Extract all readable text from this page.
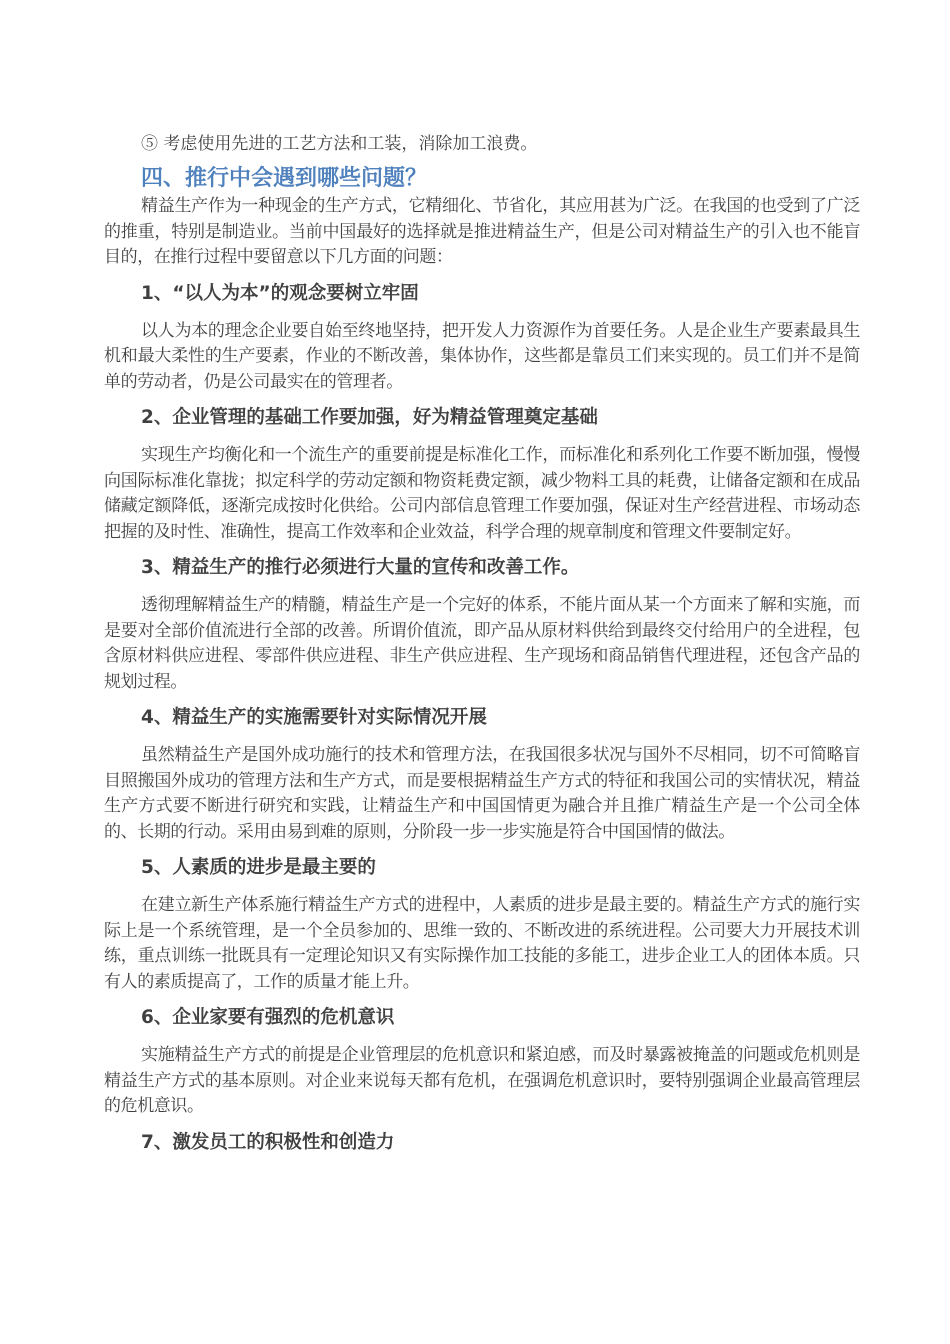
⑤ 考虑使用先进的工艺方法和工装，消除加工浪费。

四、推行中会遇到哪些问题？

精益生产作为一种现金的生产方式，它精细化、节省化，其应用甚为广泛。在我国的也受到了广泛的推重，特别是制造业。当前中国最好的选择就是推进精益生产，但是公司对精益生产的引入也不能盲目的，在推行过程中要留意以下几方面的问题：

1、“以人为本”的观念要树立牢固

以人为本的理念企业要自始至终地坚持，把开发人力资源作为首要任务。人是企业生产要素最具生机和最大柔性的生产要素，作业的不断改善，集体协作，这些都是靠员工们来实现的。员工们并不是简单的劳动者，仍是公司最实在的管理者。

2、企业管理的基础工作要加强，好为精益管理奠定基础

实现生产均衡化和一个流生产的重要前提是标准化工作，而标准化和系列化工作要不断加强，慢慢向国际标准化靠拢；拟定科学的劳动定额和物资耗费定额，减少物料工具的耗费，让储备定额和在成品储藏定额降低，逐渐完成按时化供给。公司内部信息管理工作要加强，保证对生产经营进程、市场动态把握的及时性、准确性，提高工作效率和企业效益，科学合理的规章制度和管理文件要制定好。

3、精益生产的推行必须进行大量的宣传和改善工作。

透彻理解精益生产的精髓，精益生产是一个完好的体系，不能片面从某一个方面来了解和实施，而是要对全部价值流进行全部的改善。所谓价值流，即产品从原材料供给到最终交付给用户的全进程，包含原材料供应进程、零部件供应进程、非生产供应进程、生产现场和商品销售代理进程，还包含产品的规划过程。

4、精益生产的实施需要针对实际情况开展

虽然精益生产是国外成功施行的技术和管理方法，在我国很多状况与国外不尽相同，切不可简略盲目照搬国外成功的管理方法和生产方式，而是要根据精益生产方式的特征和我国公司的实情状况，精益生产方式要不断进行研究和实践，让精益生产和中国国情更为融合并且推广精益生产是一个公司全体的、长期的行动。采用由易到难的原则，分阶段一步一步实施是符合中国国情的做法。

5、人素质的进步是最主要的

在建立新生产体系施行精益生产方式的进程中，人素质的进步是最主要的。精益生产方式的施行实际上是一个系统管理，是一个全员参加的、思维一致的、不断改进的系统进程。公司要大力开展技术训练，重点训练一批既具有一定理论知识又有实际操作加工技能的多能工，进步企业工人的团体本质。只有人的素质提高了，工作的质量才能上升。

6、企业家要有强烈的危机意识

实施精益生产方式的前提是企业管理层的危机意识和紧迫感，而及时暴露被掩盖的问题或危机则是精益生产方式的基本原则。对企业来说每天都有危机，在强调危机意识时，要特别强调企业最高管理层的危机意识。

7、激发员工的积极性和创造力
